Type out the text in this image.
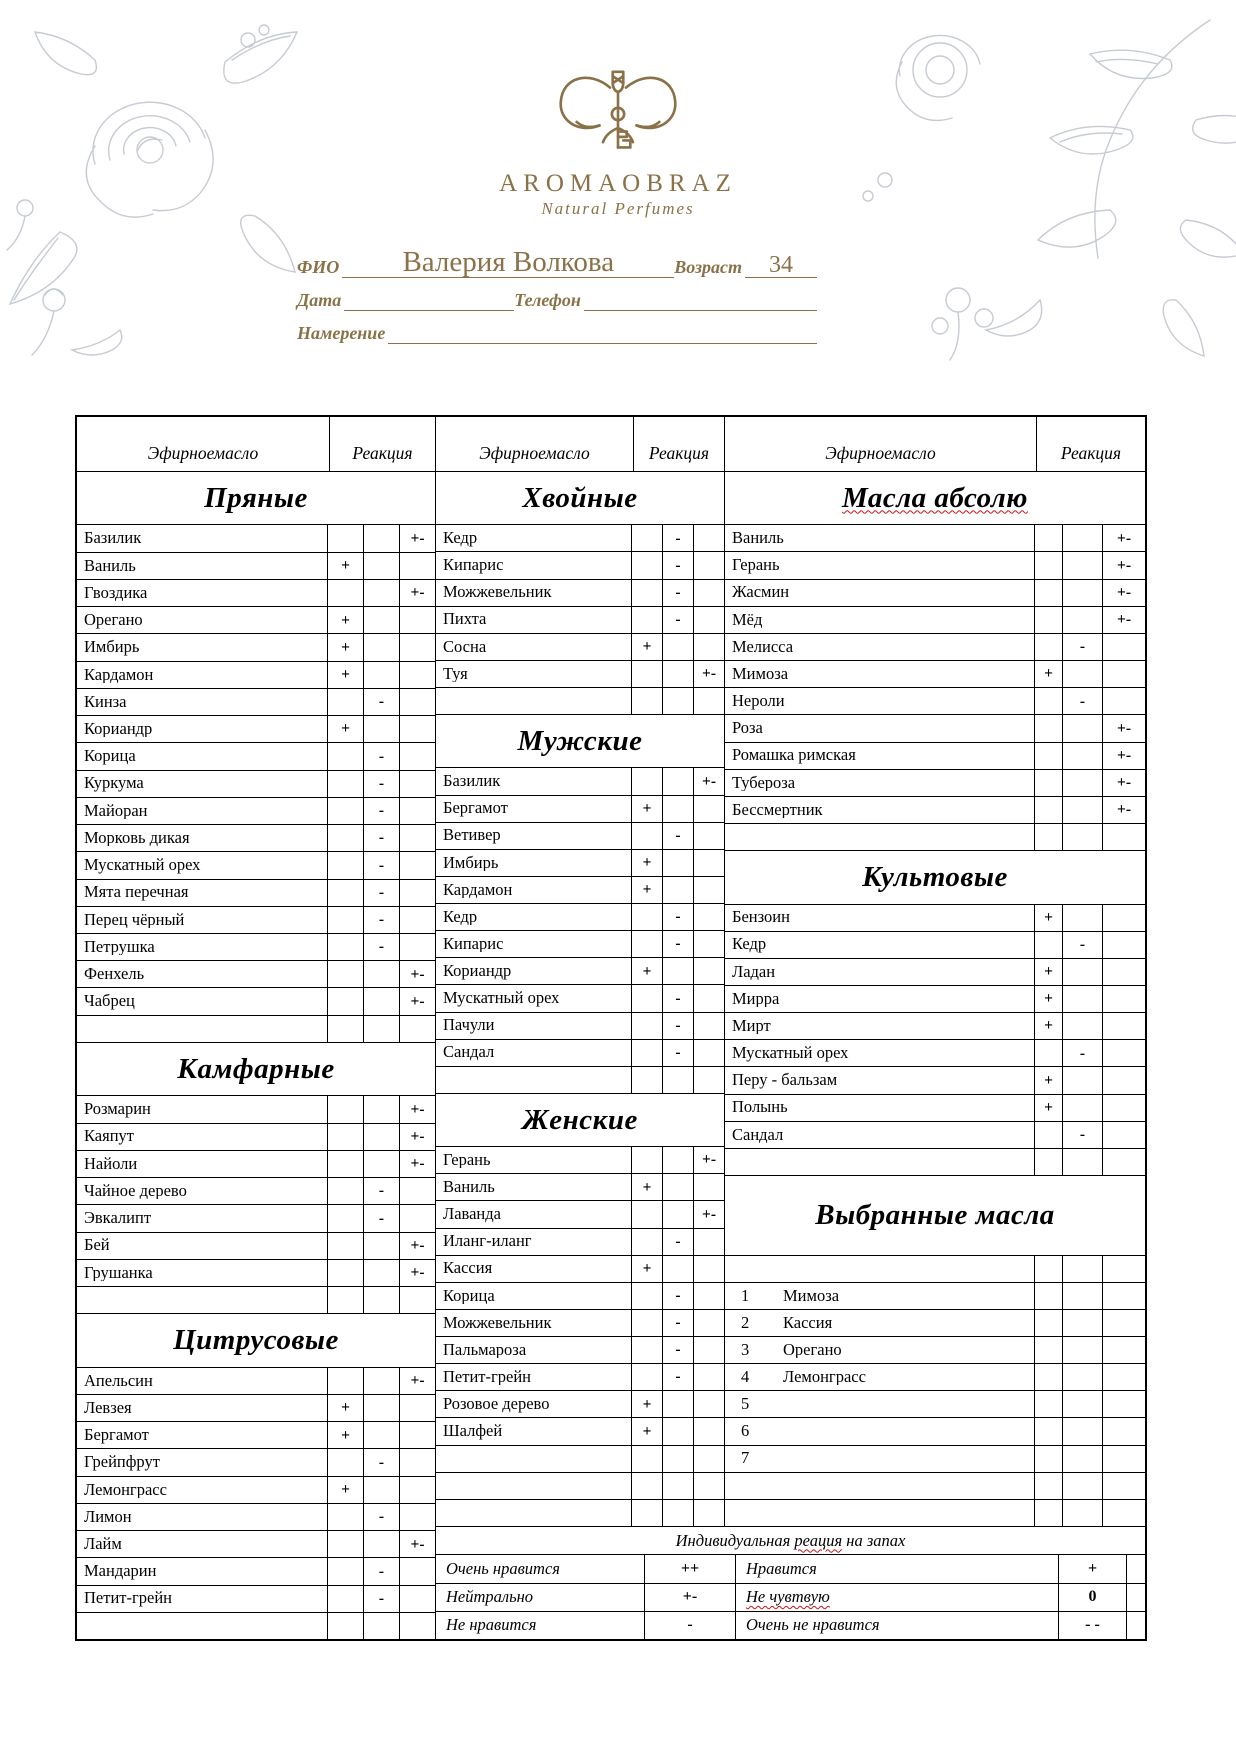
AROMAOBRAZ
Natural Perfumes
ФИО Валерия Волкова	Возраст 34
Дата	Телефон
Намерение
Эфирноемасло	Реакция
Пряные
Базилик	+-
Ваниль	+
Гвоздика	+-
Орегано	+
Имбирь	+
Кардамон	+
Кинза	-
Кориандр	+
Корица	-
Куркума	-
Майоран	-
Морковь дикая	-
Мускатный орех	-
Мята перечная	-
Перец чёрный	-
Петрушка	-
Фенхель	+-
Чабрец	+-
Камфарные
Розмарин	+-
Каяпут	+-
Найоли	+-
Чайное дерево	-
Эвкалипт	-
Бей	+-
Грушанка	+-
Цитрусовые
Апельсин	+-
Левзея	+
Бергамот	+
Грейпфрут	-
Лемонграсс	+
Лимон	-
Лайм	+-
Мандарин	-
Петит-грейн	-
Эфирноемасло	Реакция
Хвойные
Кедр	-
Кипарис	-
Можжевельник	-
Пихта	-
Сосна	+
Туя	+-
Мужские
Базилик	+-
Бергамот	+
Ветивер	-
Имбирь	+
Кардамон	+
Кедр	-
Кипарис	-
Кориандр	+
Мускатный орех	-
Пачули	-
Сандал	-
Женские
Герань	+-
Ваниль	+
Лаванда	+-
Иланг-иланг	-
Кассия	+
Корица	-
Можжевельник	-
Пальмароза	-
Петит-грейн	-
Розовое дерево	+
Шалфей	+
Эфирноемасло	Реакция
Масла абсолю
Ваниль	+-
Герань	+-
Жасмин	+-
Мёд	+-
Мелисса	-
Мимоза	+
Нероли	-
Роза	+-
Ромашка римская	+-
Тубероза	+-
Бессмертник	+-
Культовые
Бензоин	+
Кедр	-
Ладан	+
Мирра	+
Мирт	+
Мускатный орех	-
Перу - бальзам	+
Полынь	+
Сандал	-
Выбранные масла
1	Мимоза
2	Кассия
3	Орегано
4	Лемонграсс
5
6
7
Индивидуальная реация на запах
Очень нравится	++	Нравится	+
Нейтрально	+-	Не чувтвую	0
Не нравится	-	Очень не нравится	- -
